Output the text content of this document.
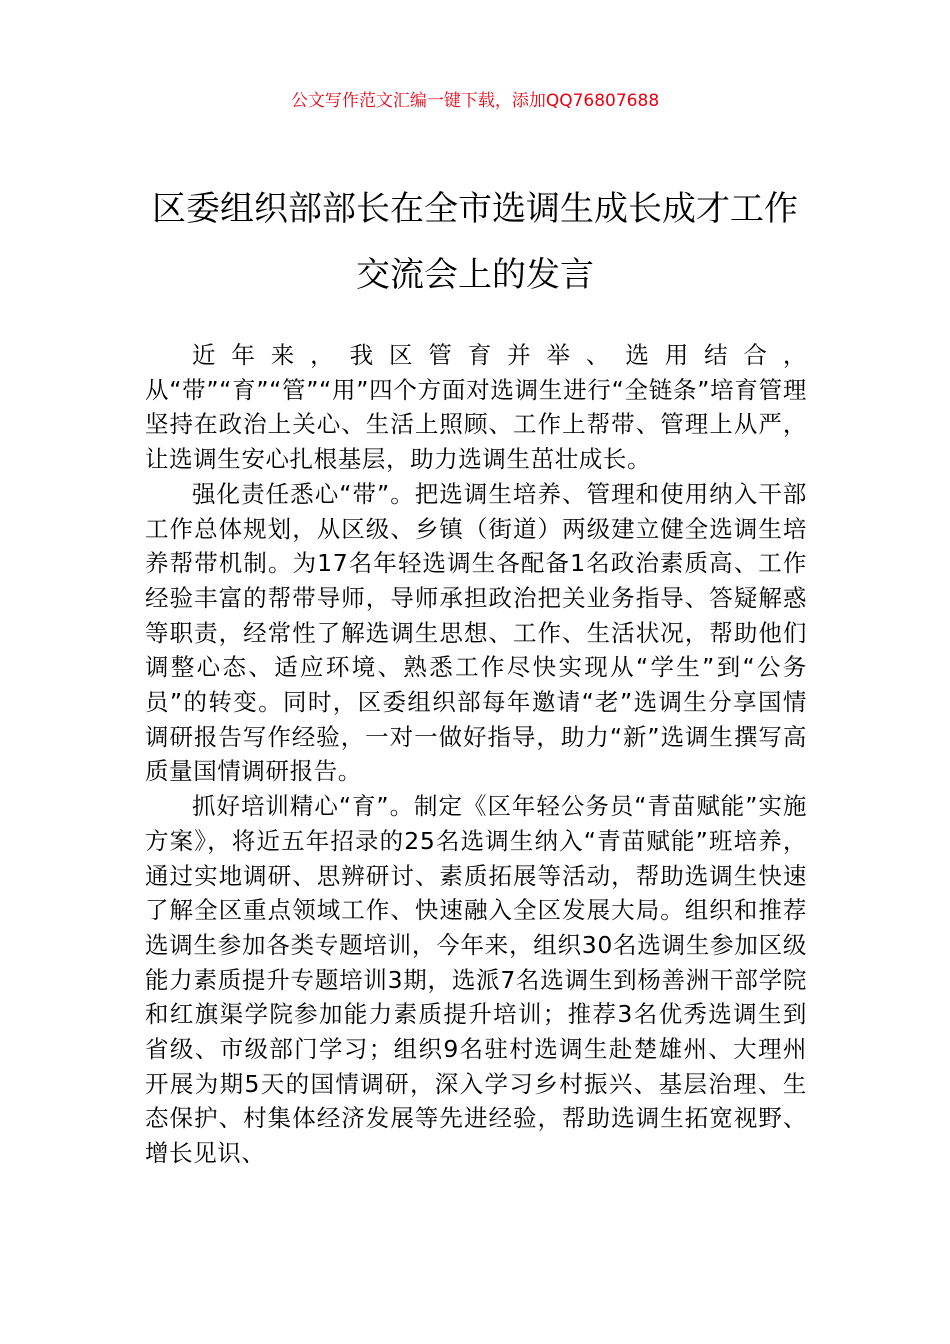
公文写作范文汇编一键下载，添加QQ76807688
区委组织部部长在全市选调生成长成才工作交流会上的发言

近年来，我区管育并举、选用结合，从“带”“育”“管”“用”四个方面对选调生进行“全链条”培育管理坚持在政治上关心、生活上照顾、工作上帮带、管理上从严，让选调生安心扎根基层，助力选调生茁壮成长。

强化责任悉心“带”。把选调生培养、管理和使用纳入干部工作总体规划，从区级、乡镇（街道）两级建立健全选调生培养帮带机制。为17名年轻选调生各配备1名政治素质高、工作经验丰富的帮带导师，导师承担政治把关业务指导、答疑解惑等职责，经常性了解选调生思想、工作、生活状况，帮助他们调整心态、适应环境、熟悉工作尽快实现从“学生”到“公务员”的转变。同时，区委组织部每年邀请“老”选调生分享国情调研报告写作经验，一对一做好指导，助力“新”选调生撰写高质量国情调研报告。

抓好培训精心“育”。制定《区年轻公务员“青苗赋能”实施方案》，将近五年招录的25名选调生纳入“青苗赋能”班培养，通过实地调研、思辨研讨、素质拓展等活动，帮助选调生快速了解全区重点领域工作、快速融入全区发展大局。组织和推荐选调生参加各类专题培训，今年来，组织30名选调生参加区级能力素质提升专题培训3期，选派7名选调生到杨善洲干部学院和红旗渠学院参加能力素质提升培训；推荐3名优秀选调生到省级、市级部门学习；组织9名驻村选调生赴楚雄州、大理州开展为期5天的国情调研，深入学习乡村振兴、基层治理、生态保护、村集体经济发展等先进经验，帮助选调生拓宽视野、增长见识、
